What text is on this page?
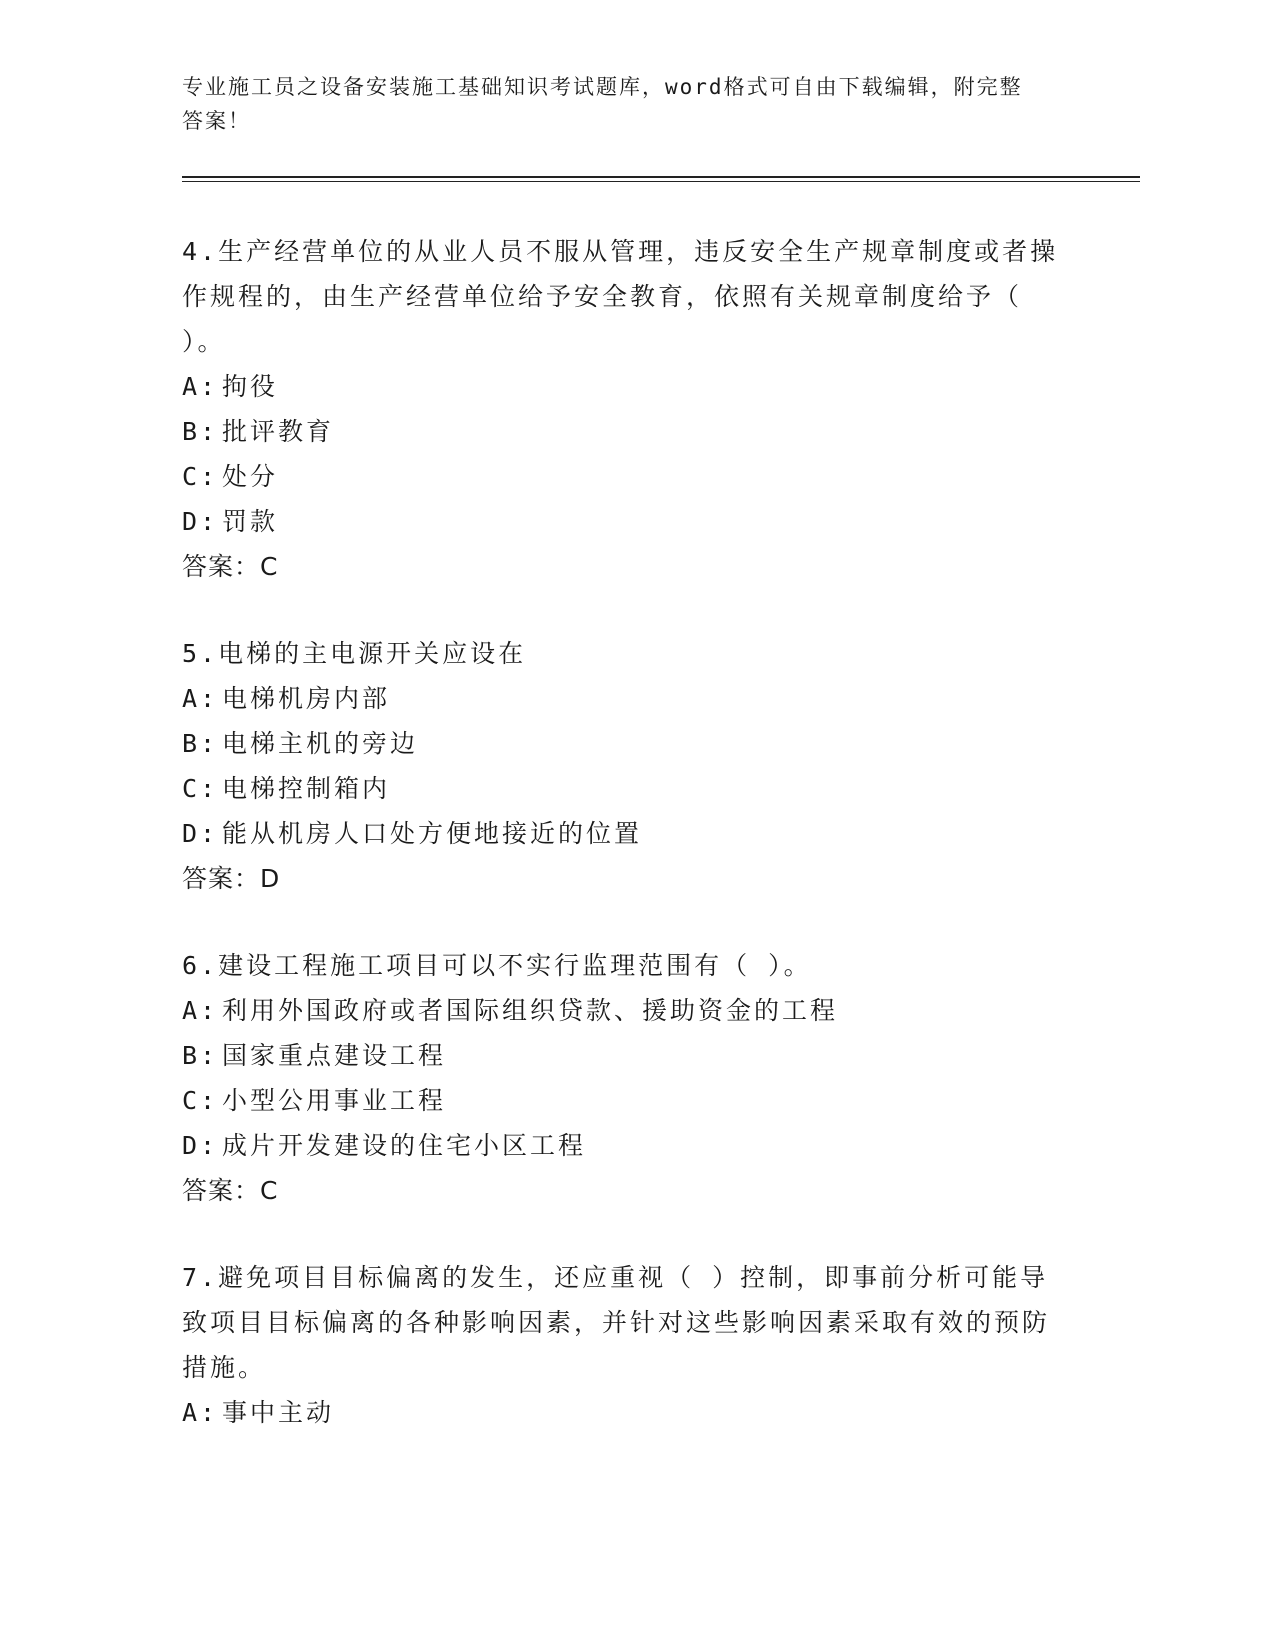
专业施工员之设备安装施工基础知识考试题库，word格式可自由下载编辑，附完整答案！

4.生产经营单位的从业人员不服从管理，违反安全生产规章制度或者操作规程的，由生产经营单位给予安全教育，依照有关规章制度给予（ ）。

A: 拘役

B: 批评教育

C: 处分

D: 罚款

答案：C

5.电梯的主电源开关应设在

A: 电梯机房内部

B: 电梯主机的旁边

C: 电梯控制箱内

D: 能从机房人口处方便地接近的位置

答案：D

6.建设工程施工项目可以不实行监理范围有（ ）。

A: 利用外国政府或者国际组织贷款、援助资金的工程

B: 国家重点建设工程

C: 小型公用事业工程

D: 成片开发建设的住宅小区工程

答案：C

7.避免项目目标偏离的发生，还应重视（ ）控制，即事前分析可能导致项目目标偏离的各种影响因素，并针对这些影响因素采取有效的预防措施。

A: 事中主动
